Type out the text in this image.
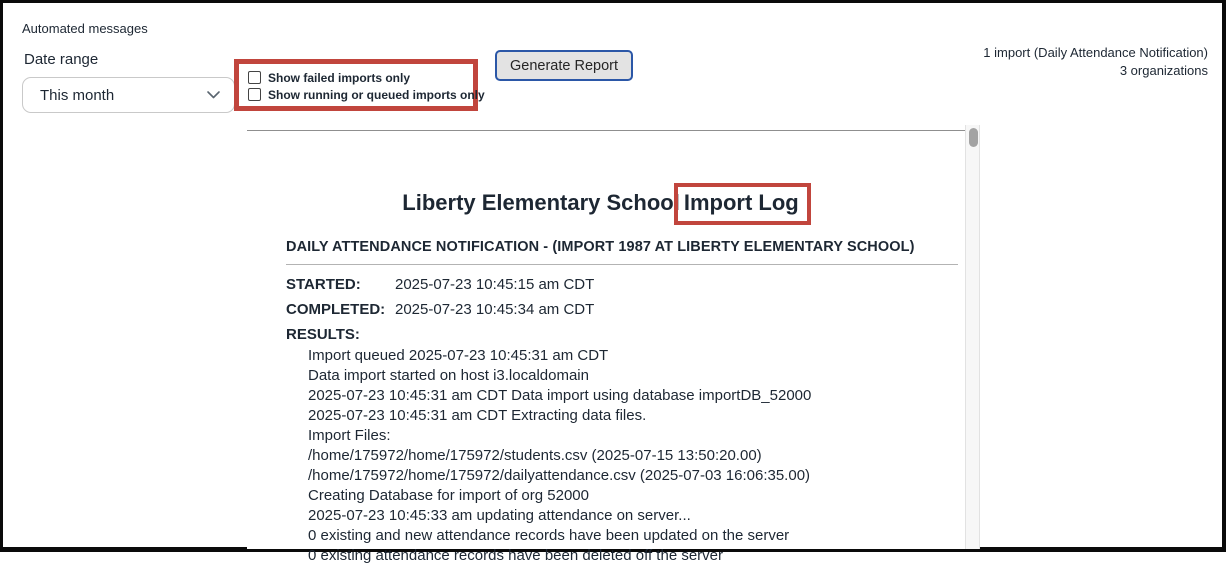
Automated messages
Date range
This month
Show failed imports only
Show running or queued imports only
Generate Report
1 import (Daily Attendance Notification)
3 organizations
Liberty Elementary School Import Log
DAILY ATTENDANCE NOTIFICATION - (IMPORT 1987 AT LIBERTY ELEMENTARY SCHOOL)
STARTED:	2025-07-23 10:45:15 am CDT
COMPLETED: 2025-07-23 10:45:34 am CDT
RESULTS:
Import queued 2025-07-23 10:45:31 am CDT
Data import started on host i3.localdomain
2025-07-23 10:45:31 am CDT Data import using database importDB_52000
2025-07-23 10:45:31 am CDT Extracting data files.
Import Files:
/home/175972/home/175972/students.csv (2025-07-15 13:50:20.00)
/home/175972/home/175972/dailyattendance.csv (2025-07-03 16:06:35.00)
Creating Database for import of org 52000
2025-07-23 10:45:33 am updating attendance on server...
0 existing and new attendance records have been updated on the server
0 existing attendance records have been deleted off the server
